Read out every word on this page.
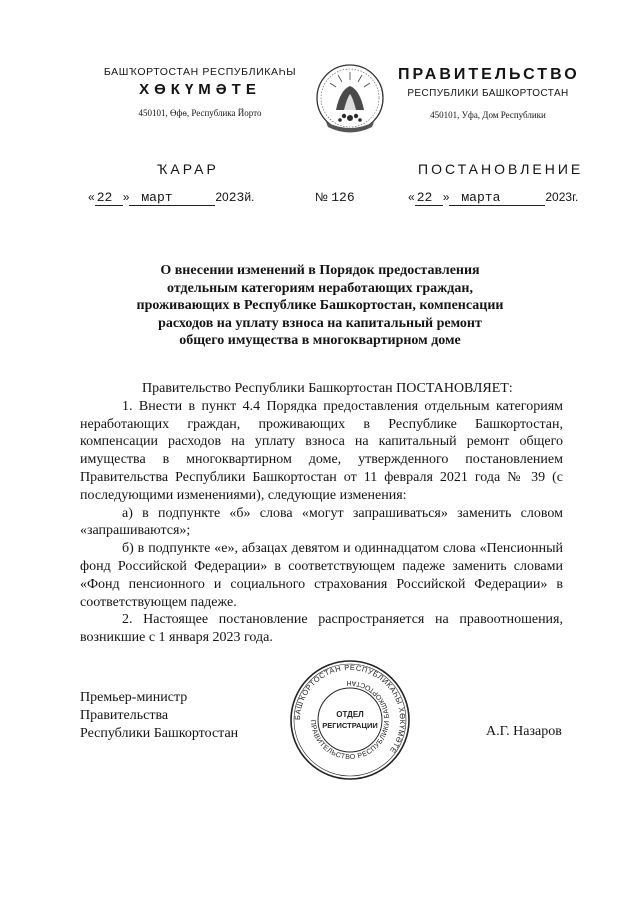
БАШҠОРТОСТАН РЕСПУБЛИКАҺЫ
ХӨКҮМӘТЕ
450101, Өфө, Республика Йорто
ПРАВИТЕЛЬСТВО
РЕСПУБЛИКИ БАШКОРТОСТАН
450101, Уфа, Дом Республики
ҠАРАР	ПОСТАНОВЛЕНИЕ
« 22 » март	2023й.	№ 126	« 22 » марта	2023г.
О внесении изменений в Порядок предоставления
отдельным категориям неработающих граждан,
проживающих в Республике Башкортостан, компенсации
расходов на уплату взноса на капитальный ремонт
общего имущества в многоквартирном доме

Правительство Республики Башкортостан ПОСТАНОВЛЯЕТ:

1. Внести в пункт 4.4 Порядка предоставления отдельным категориям неработающих граждан, проживающих в Республике Башкортостан, компенсации расходов на уплату взноса на капитальный ремонт общего имущества в многоквартирном доме, утвержденного постановлением Правительства Республики Башкортостан от 11 февраля 2021 года № 39 (с последующими изменениями), следующие изменения:

а) в подпункте «б» слова «могут запрашиваться» заменить словом «запрашиваются»;

б) в подпункте «е», абзацах девятом и одиннадцатом слова «Пенсионный фонд Российской Федерации» в соответствующем падеже заменить словами «Фонд пенсионного и социального страхования Российской Федерации» в соответствующем падеже.

2. Настоящее постановление распространяется на правоотношения, возникшие с 1 января 2023 года.

Премьер-министр
Правительства
Республики Башкортостан	А.Г. Назаров
БАШҠОРТОСТАН РЕСПУБЛИКАҺЫ ХӨКҮМӘТЕ
ПРАВИТЕЛЬСТВО РЕСПУБЛИКИ БАШКОРТОСТАН
ОТДЕЛ
РЕГИСТРАЦИИ
